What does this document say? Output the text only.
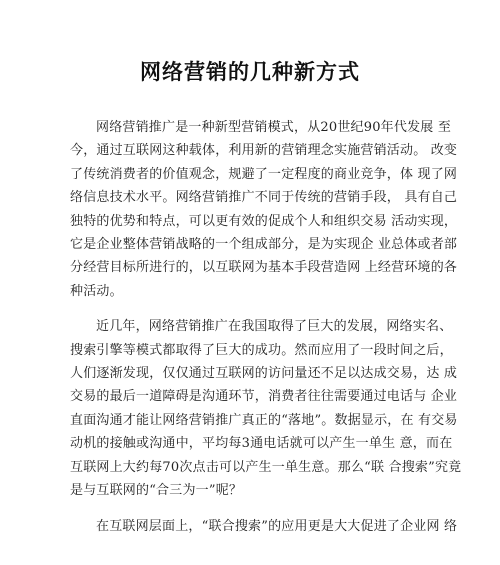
网络营销的几种新方式
网络营销推广是一种新型营销模式，从20世纪90年代发展 至
今，通过互联网这种载体，利用新的营销理念实施营销活动。 改变
了传统消费者的价值观念，规避了一定程度的商业竞争，体 现了网
络信息技术水平。网络营销推广不同于传统的营销手段， 具有自己
独特的优势和特点，可以更有效的促成个人和组织交易 活动实现，
它是企业整体营销战略的一个组成部分，是为实现企 业总体或者部
分经营目标所进行的，以互联网为基本手段营造网 上经营环境的各
种活动。
近几年，网络营销推广在我国取得了巨大的发展，网络实名、
搜索引擎等模式都取得了巨大的成功。然而应用了一段时间之后，
人们逐渐发现，仅仅通过互联网的访问量还不足以达成交易，达 成
交易的最后一道障碍是沟通环节，消费者往往需要通过电话与 企业
直面沟通才能让网络营销推广真正的“落地”。数据显示，在 有交易
动机的接触或沟通中，平均每3通电话就可以产生一单生 意，而在
互联网上大约每70次点击可以产生一单生意。那么“联 合搜索”究竟
是与互联网的“合三为一”呢？
在互联网层面上，“联合搜索”的应用更是大大促进了企业网 络
